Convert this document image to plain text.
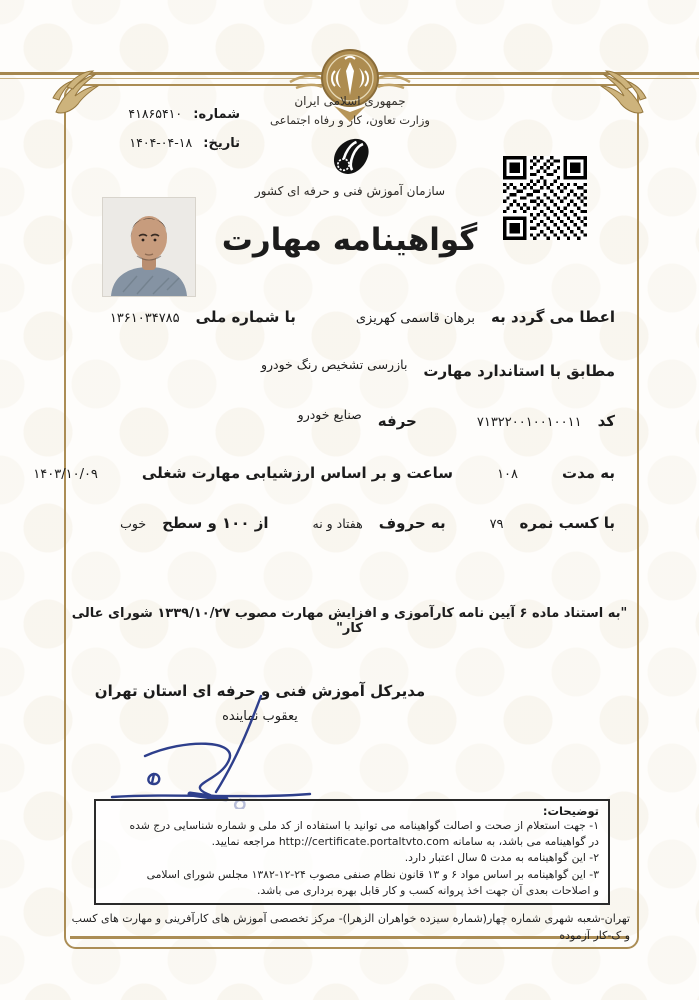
شماره: ۴۱۸۶۵۴۱۰
تاریخ: ۱۴۰۴-۰۴-۱۸
جمهوری اسلامی ایران
وزارت تعاون، کار و رفاه اجتماعی
سازمان آموزش فنی و حرفه ای کشور
گواهینامه مهارت
اعطا می گردد به
برهان قاسمی کهریزی
با شماره ملی
۱۳۶۱۰۳۴۷۸۵
مطابق با استاندارد مهارت
بازرسی تشخیص رنگ خودرو
کد
۷۱۳۲۲۰۰۱۰۰۱۰۰۱۱
حرفه
صنایع خودرو
به مدت
۱۰۸
ساعت و بر اساس ارزشیابی مهارت شغلی
۱۴۰۳/۱۰/۰۹
با کسب نمره
۷۹
به حروف
هفتاد و نه
از ۱۰۰ و سطح
خوب
"به استناد ماده ۶ آیین نامه کارآموزی و افزایش مهارت مصوب ۱۳۳۹/۱۰/۲۷ شورای عالی کار"
مدیرکل آموزش فنی و حرفه ای استان تهران
یعقوب نماینده
توضیحات:
۱- جهت استعلام از صحت و اصالت گواهینامه می توانید با استفاده از کد ملی و شماره شناسایی درج شده
در گواهینامه می باشد، به سامانه http://certificate.portaltvto.com مراجعه نمایید.
۲- این گواهینامه به مدت ۵ سال اعتبار دارد.
۳- این گواهینامه بر اساس مواد ۶ و ۱۳ قانون نظام صنفی مصوب ۲۴-۱۲-۱۳۸۲ مجلس شورای اسلامی
و اصلاحات بعدی آن جهت اخذ پروانه کسب و کار قابل بهره برداری می باشد.
تهران-شعبه شهری شماره چهار(شماره سیزده خواهران الزهرا)- مرکز تخصصی آموزش های کارآفرینی و مهارت های کسب
و ک-کار آزموده
